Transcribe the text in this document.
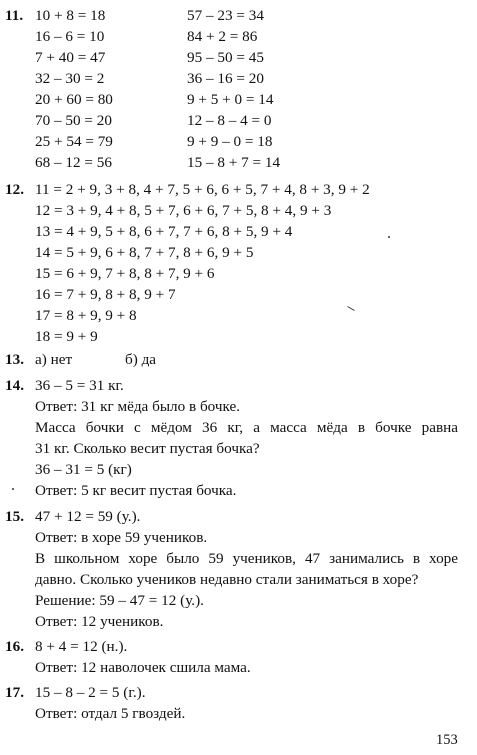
11. 10 + 8 = 18
16 – 6 = 10
7 + 40 = 47
32 – 30 = 2
20 + 60 = 80
70 – 50 = 20
25 + 54 = 79
68 – 12 = 56
57 – 23 = 34
84 + 2 = 86
95 – 50 = 45
36 – 16 = 20
9 + 5 + 0 = 14
12 – 8 – 4 = 0
9 + 9 – 0 = 18
15 – 8 + 7 = 14
12. 11 = 2 + 9, 3 + 8, 4 + 7, 5 + 6, 6 + 5, 7 + 4, 8 + 3, 9 + 2
12 = 3 + 9, 4 + 8, 5 + 7, 6 + 6, 7 + 5, 8 + 4, 9 + 3
13 = 4 + 9, 5 + 8, 6 + 7, 7 + 6, 8 + 5, 9 + 4
14 = 5 + 9, 6 + 8, 7 + 7, 8 + 6, 9 + 5
15 = 6 + 9, 7 + 8, 8 + 7, 9 + 6
16 = 7 + 9, 8 + 8, 9 + 7
17 = 8 + 9, 9 + 8
18 = 9 + 9
13. а) нет	б) да
14. 36 – 5 = 31 кг.
Ответ: 31 кг мёда было в бочке.
Масса бочки с мёдом 36 кг, а масса мёда в бочке равна
31 кг. Сколько весит пустая бочка?
36 – 31 = 5 (кг)
Ответ: 5 кг весит пустая бочка.
15. 47 + 12 = 59 (у.).
Ответ: в хоре 59 учеников.
В школьном хоре было 59 учеников, 47 занимались в хоре
давно. Сколько учеников недавно стали заниматься в хоре?
Решение: 59 – 47 = 12 (у.).
Ответ: 12 учеников.
16. 8 + 4 = 12 (н.).
Ответ: 12 наволочек сшила мама.
17. 15 – 8 – 2 = 5 (г.).
Ответ: отдал 5 гвоздей.
153
